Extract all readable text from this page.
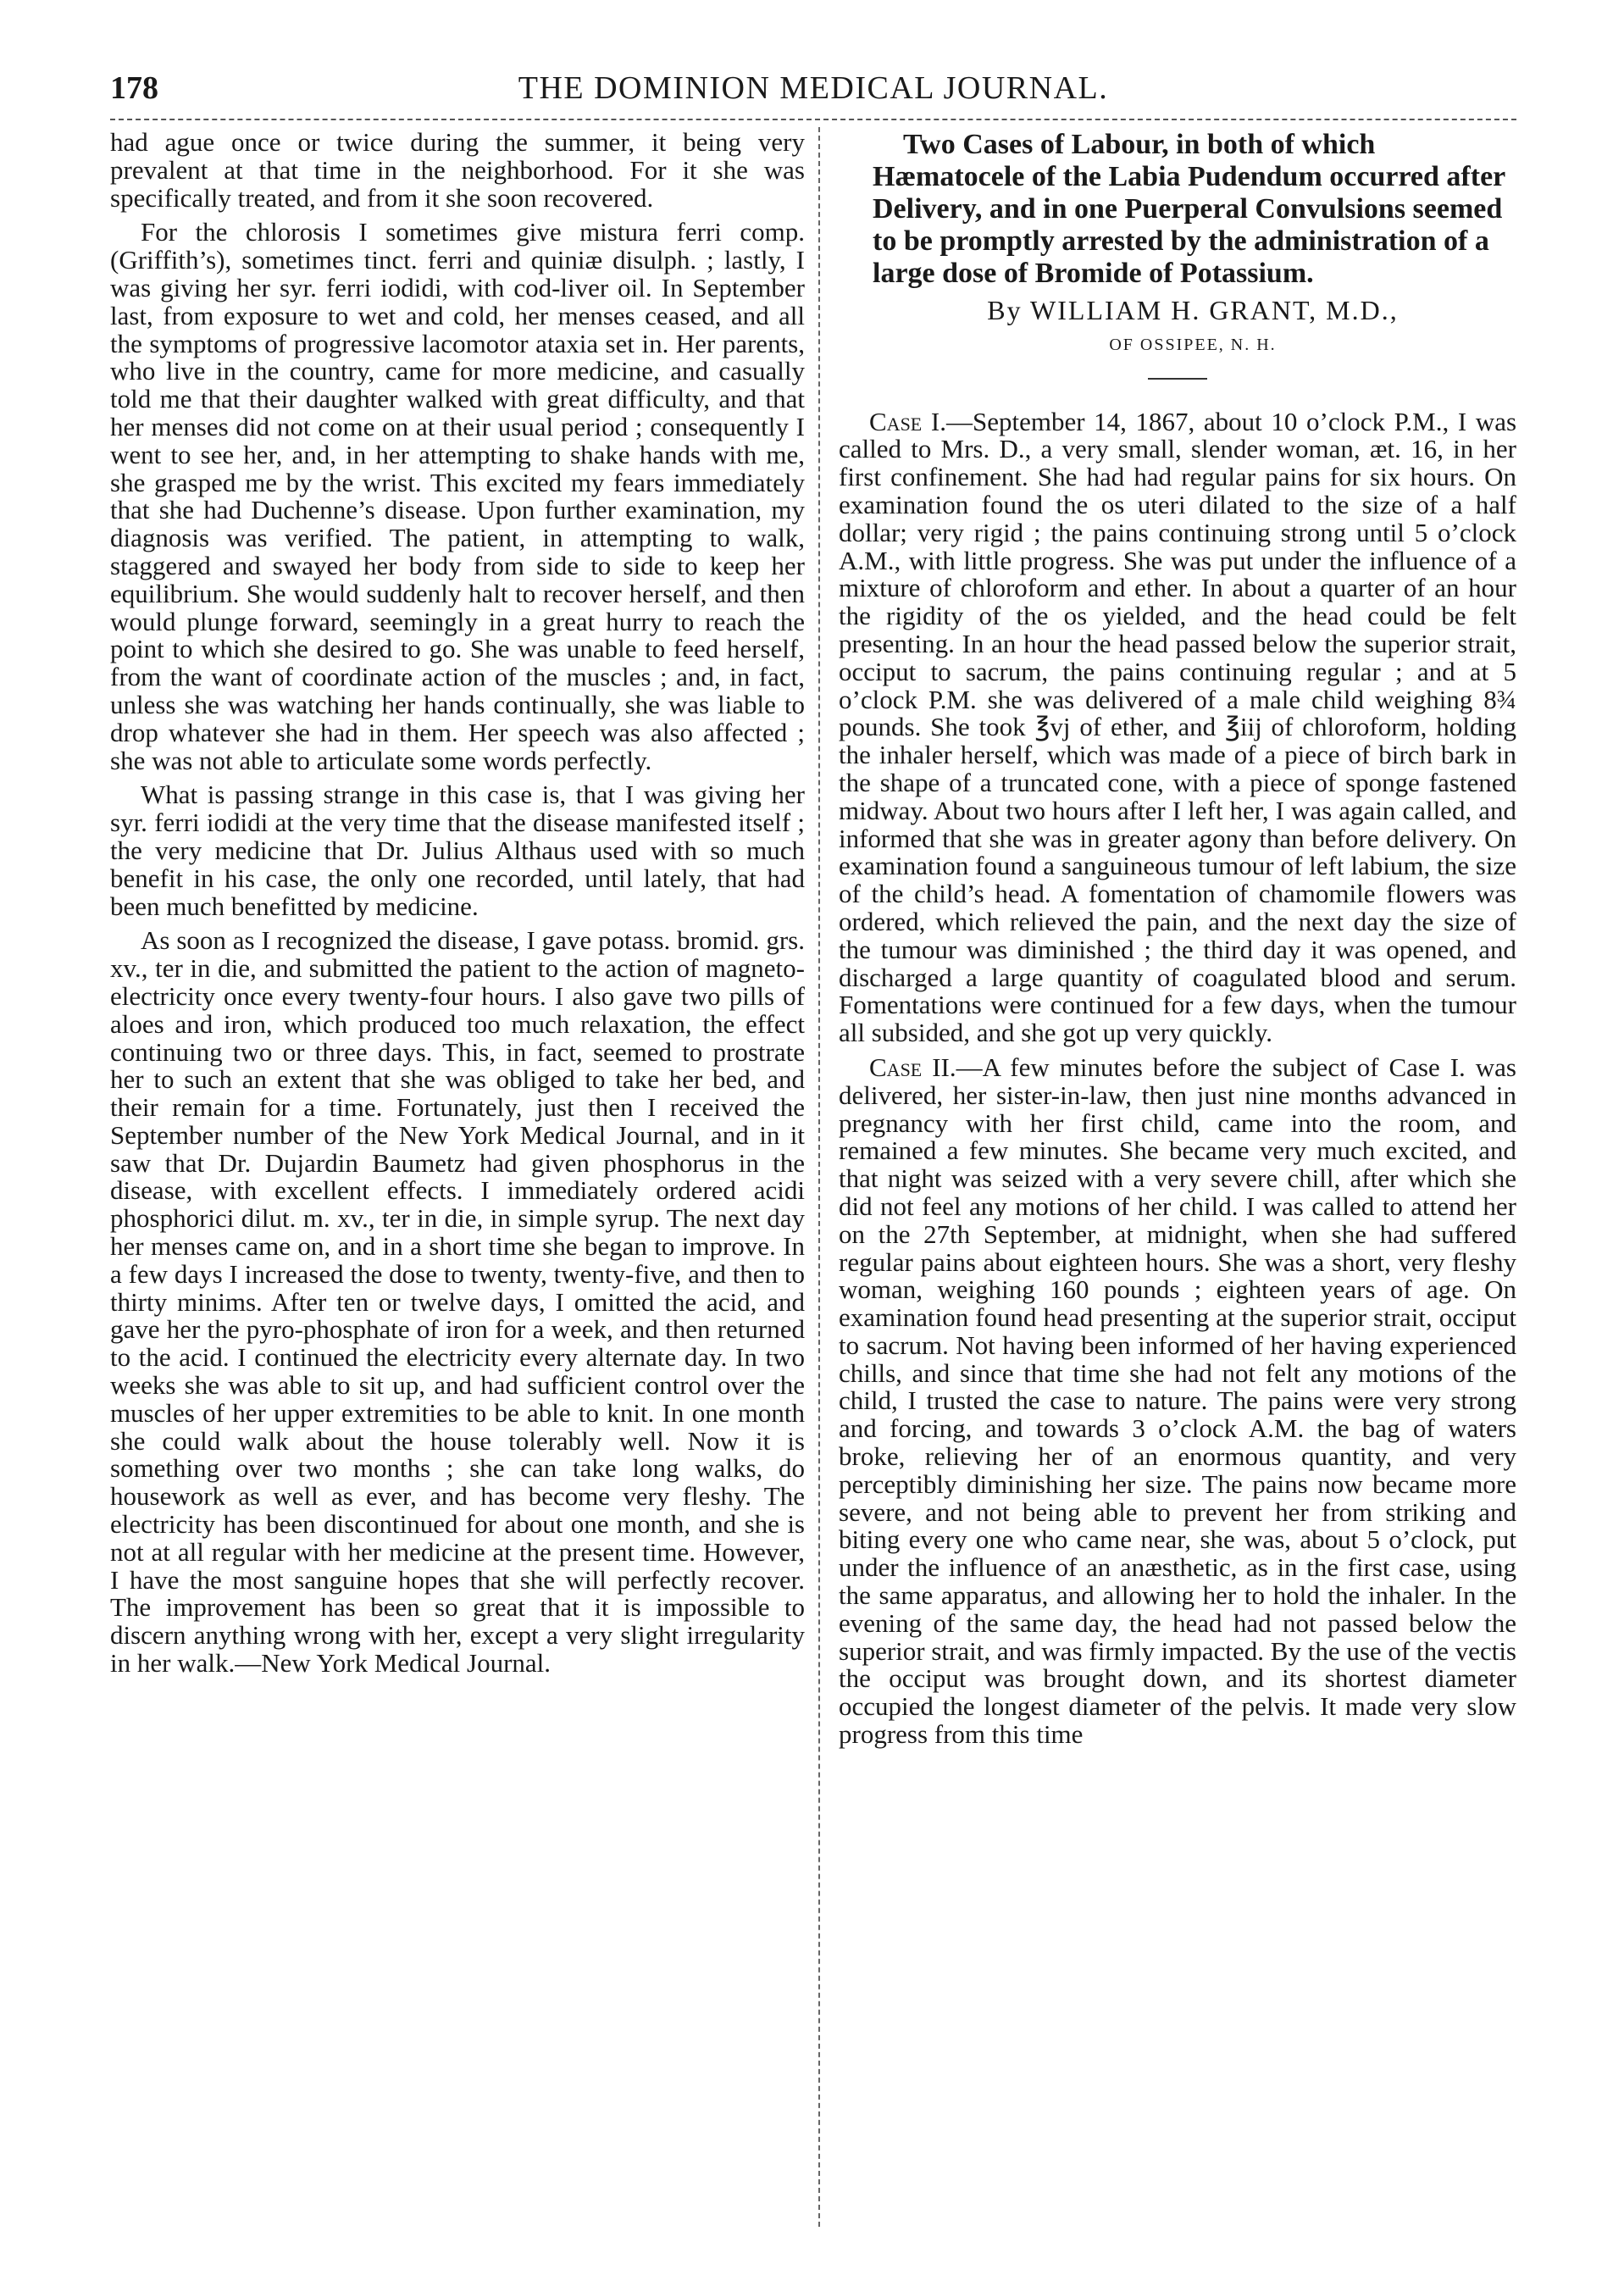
178	THE DOMINION MEDICAL JOURNAL.

had ague once or twice during the summer, it being very prevalent at that time in the neighborhood. For it she was specifically treated, and from it she soon recovered.

For the chlorosis I sometimes give mistura ferri comp. (Griffith’s), sometimes tinct. ferri and quiniæ disulph. ; lastly, I was giving her syr. ferri iodidi, with cod-liver oil. In September last, from exposure to wet and cold, her menses ceased, and all the symptoms of progressive lacomotor ataxia set in. Her parents, who live in the country, came for more medicine, and casually told me that their daughter walked with great difficulty, and that her menses did not come on at their usual period ; consequently I went to see her, and, in her attempting to shake hands with me, she grasped me by the wrist. This excited my fears immediately that she had Duchenne’s disease. Upon further examination, my diagnosis was verified. The patient, in attempting to walk, staggered and swayed her body from side to side to keep her equilibrium. She would suddenly halt to recover herself, and then would plunge forward, seemingly in a great hurry to reach the point to which she desired to go. She was unable to feed herself, from the want of coordinate action of the muscles ; and, in fact, unless she was watching her hands continually, she was liable to drop whatever she had in them. Her speech was also affected ; she was not able to articulate some words perfectly.

What is passing strange in this case is, that I was giving her syr. ferri iodidi at the very time that the disease manifested itself ; the very medicine that Dr. Julius Althaus used with so much benefit in his case, the only one recorded, until lately, that had been much benefitted by medicine.

As soon as I recognized the disease, I gave potass. bromid. grs. xv., ter in die, and submitted the patient to the action of magneto-electricity once every twenty-four hours. I also gave two pills of aloes and iron, which produced too much relaxation, the effect continuing two or three days. This, in fact, seemed to prostrate her to such an extent that she was obliged to take her bed, and their remain for a time. Fortunately, just then I received the September number of the New York Medical Journal, and in it saw that Dr. Dujardin Baumetz had given phosphorus in the disease, with excellent effects. I immediately ordered acidi phosphorici dilut. m. xv., ter in die, in simple syrup. The next day her menses came on, and in a short time she began to improve. In a few days I increased the dose to twenty, twenty-five, and then to thirty minims. After ten or twelve days, I omitted the acid, and gave her the pyro-phosphate of iron for a week, and then returned to the acid. I continued the electricity every alternate day. In two weeks she was able to sit up, and had sufficient control over the muscles of her upper extremities to be able to knit. In one month she could walk about the house tolerably well. Now it is something over two months ; she can take long walks, do housework as well as ever, and has become very fleshy. The electricity has been discontinued for about one month, and she is not at all regular with her medicine at the present time. However, I have the most sanguine hopes that she will perfectly recover. The improvement has been so great that it is impossible to discern anything wrong with her, except a very slight irregularity in her walk.—New York Medical Journal.

Two Cases of Labour, in both of which Hæmatocele of the Labia Pudendum occurred after Delivery, and in one Puerperal Convulsions seemed to be promptly arrested by the administration of a large dose of Bromide of Potassium.

By WILLIAM H. GRANT, M.D.,

OF OSSIPEE, N. H.

Case I.—September 14, 1867, about 10 o’clock P.M., I was called to Mrs. D., a very small, slender woman, æt. 16, in her first confinement. She had had regular pains for six hours. On examination found the os uteri dilated to the size of a half dollar; very rigid ; the pains continuing strong until 5 o’clock A.M., with little progress. She was put under the influence of a mixture of chloroform and ether. In about a quarter of an hour the rigidity of the os yielded, and the head could be felt presenting. In an hour the head passed below the superior strait, occiput to sacrum, the pains continuing regular ; and at 5 o’clock P.M. she was delivered of a male child weighing 8¾ pounds. She took ℥vj of ether, and ℥iij of chloroform, holding the inhaler herself, which was made of a piece of birch bark in the shape of a truncated cone, with a piece of sponge fastened midway. About two hours after I left her, I was again called, and informed that she was in greater agony than before delivery. On examination found a sanguineous tumour of left labium, the size of the child’s head. A fomentation of chamomile flowers was ordered, which relieved the pain, and the next day the size of the tumour was diminished ; the third day it was opened, and discharged a large quantity of coagulated blood and serum. Fomentations were continued for a few days, when the tumour all subsided, and she got up very quickly.

Case II.—A few minutes before the subject of Case I. was delivered, her sister-in-law, then just nine months advanced in pregnancy with her first child, came into the room, and remained a few minutes. She became very much excited, and that night was seized with a very severe chill, after which she did not feel any motions of her child. I was called to attend her on the 27th September, at midnight, when she had suffered regular pains about eighteen hours. She was a short, very fleshy woman, weighing 160 pounds ; eighteen years of age. On examination found head presenting at the superior strait, occiput to sacrum. Not having been informed of her having experienced chills, and since that time she had not felt any motions of the child, I trusted the case to nature. The pains were very strong and forcing, and towards 3 o’clock A.M. the bag of waters broke, relieving her of an enormous quantity, and very perceptibly diminishing her size. The pains now became more severe, and not being able to prevent her from striking and biting every one who came near, she was, about 5 o’clock, put under the influence of an anæsthetic, as in the first case, using the same apparatus, and allowing her to hold the inhaler. In the evening of the same day, the head had not passed below the superior strait, and was firmly impacted. By the use of the vectis the occiput was brought down, and its shortest diameter occupied the longest diameter of the pelvis. It made very slow progress from this time
